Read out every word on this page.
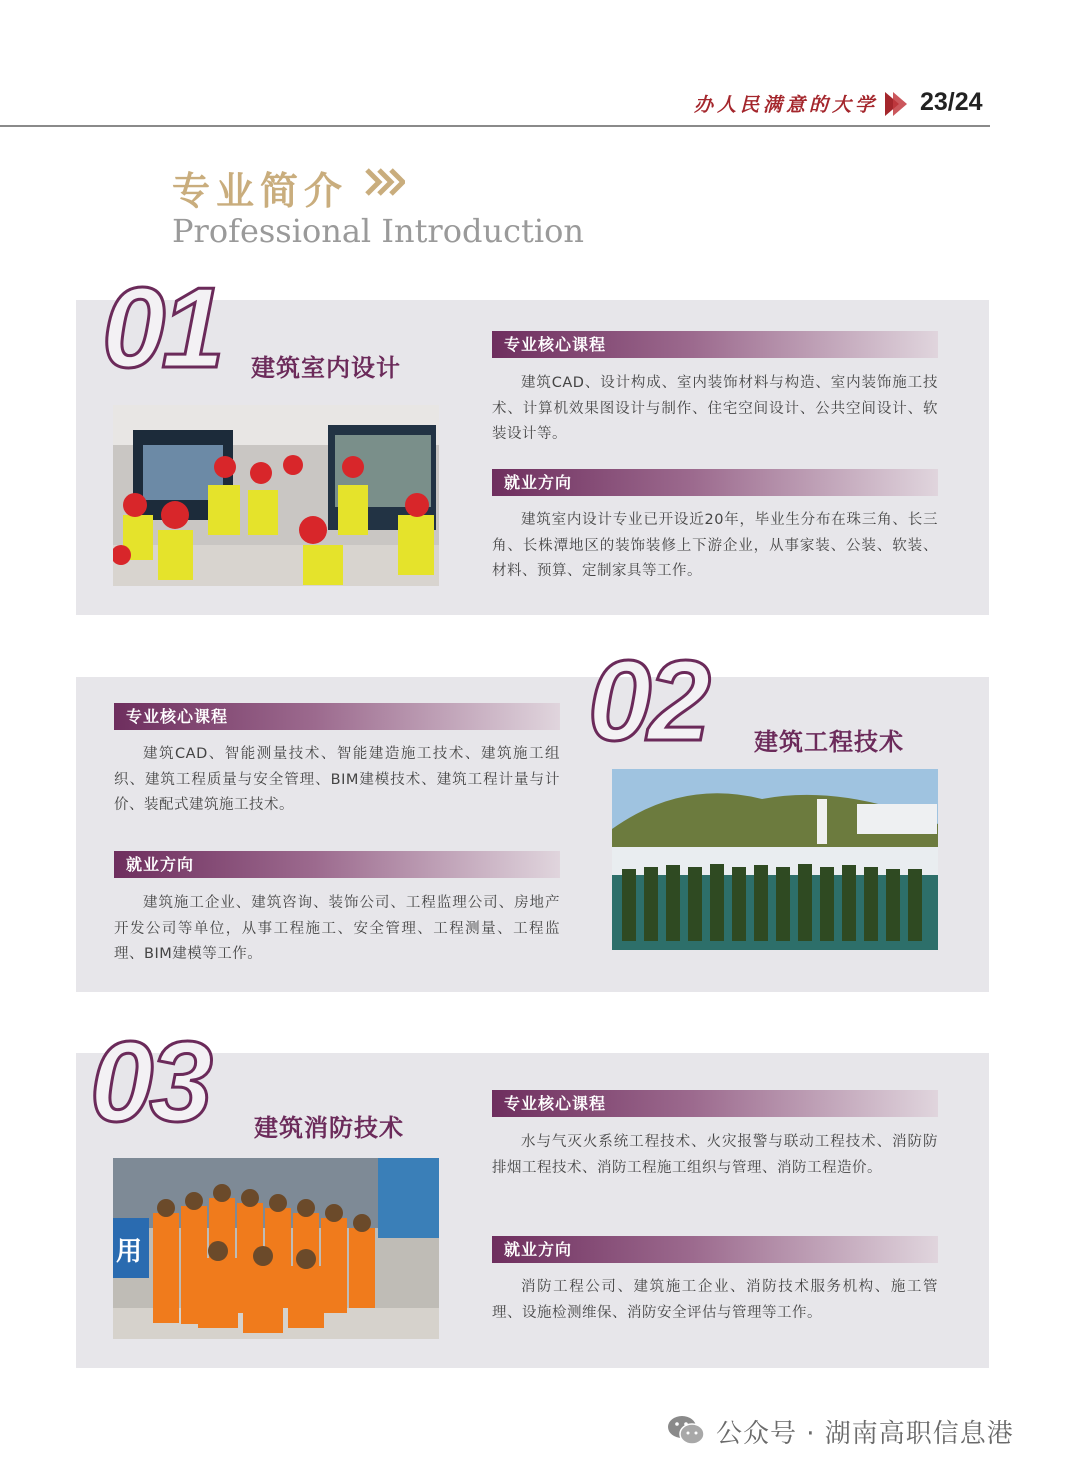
办人民满意的大学 23/24
专业简介
Professional Introduction
01 建筑室内设计
专业核心课程
建筑CAD、设计构成、室内装饰材料与构造、室内装饰施工技术、计算机效果图设计与制作、住宅空间设计、公共空间设计、软装设计等。
就业方向
建筑室内设计专业已开设近20年，毕业生分布在珠三角、长三角、长株潭地区的装饰装修上下游企业，从事家装、公装、软装、材料、预算、定制家具等工作。
02 建筑工程技术
专业核心课程
建筑CAD、智能测量技术、智能建造施工技术、建筑施工组织、建筑工程质量与安全管理、BIM建模技术、建筑工程计量与计价、装配式建筑施工技术。
就业方向
建筑施工企业、建筑咨询、装饰公司、工程监理公司、房地产开发公司等单位，从事工程施工、安全管理、工程测量、工程监理、BIM建模等工作。
03 建筑消防技术
用
专业核心课程
水与气灭火系统工程技术、火灾报警与联动工程技术、消防防排烟工程技术、消防工程施工组织与管理、消防工程造价。
就业方向
消防工程公司、建筑施工企业、消防技术服务机构、施工管理、设施检测维保、消防安全评估与管理等工作。
公众号 · 湖南高职信息港
